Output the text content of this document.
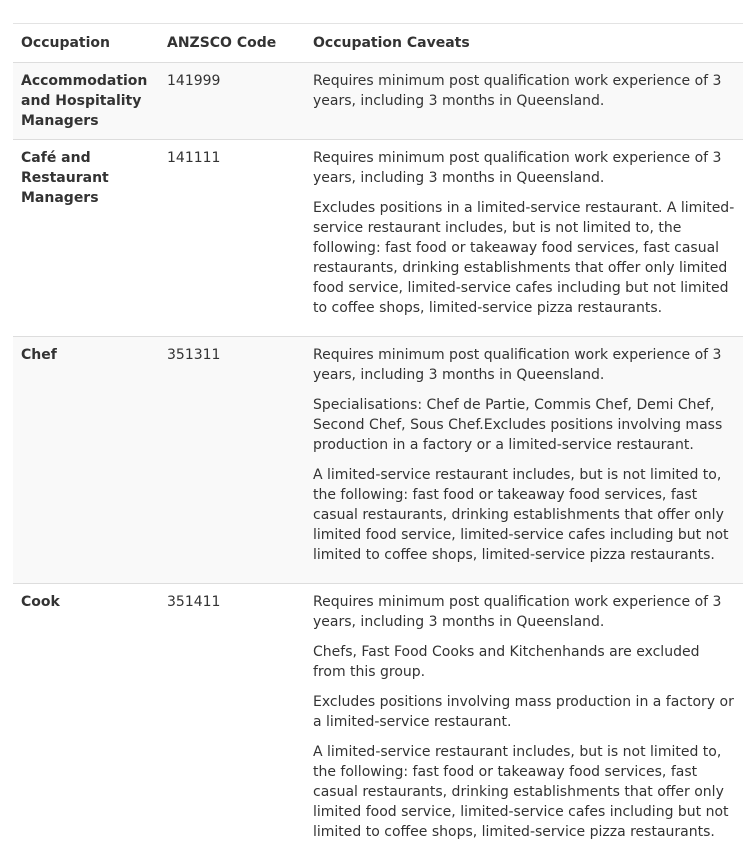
Occupation	ANZSCO Code	Occupation Caveats
Accommodation and Hospitality Managers	141999	Requires minimum post qualification work experience of 3 years, including 3 months in Queensland.

Café and Restaurant Managers	141111	Requires minimum post qualification work experience of 3 years, including 3 months in Queensland.

Excludes positions in a limited-service restaurant. A limited-service restaurant includes, but is not limited to, the following: fast food or takeaway food services, fast casual restaurants, drinking establishments that offer only limited food service, limited-service cafes including but not limited to coffee shops, limited-service pizza restaurants.

Chef	351311	Requires minimum post qualification work experience of 3 years, including 3 months in Queensland.

Specialisations: Chef de Partie, Commis Chef, Demi Chef, Second Chef, Sous Chef.Excludes positions involving mass production in a factory or a limited-service restaurant.

A limited-service restaurant includes, but is not limited to, the following: fast food or takeaway food services, fast casual restaurants, drinking establishments that offer only limited food service, limited-service cafes including but not limited to coffee shops, limited-service pizza restaurants.

Cook	351411	Requires minimum post qualification work experience of 3 years, including 3 months in Queensland.

Chefs, Fast Food Cooks and Kitchenhands are excluded from this group.

Excludes positions involving mass production in a factory or a limited-service restaurant.

A limited-service restaurant includes, but is not limited to, the following: fast food or takeaway food services, fast casual restaurants, drinking establishments that offer only limited food service, limited-service cafes including but not limited to coffee shops, limited-service pizza restaurants.
